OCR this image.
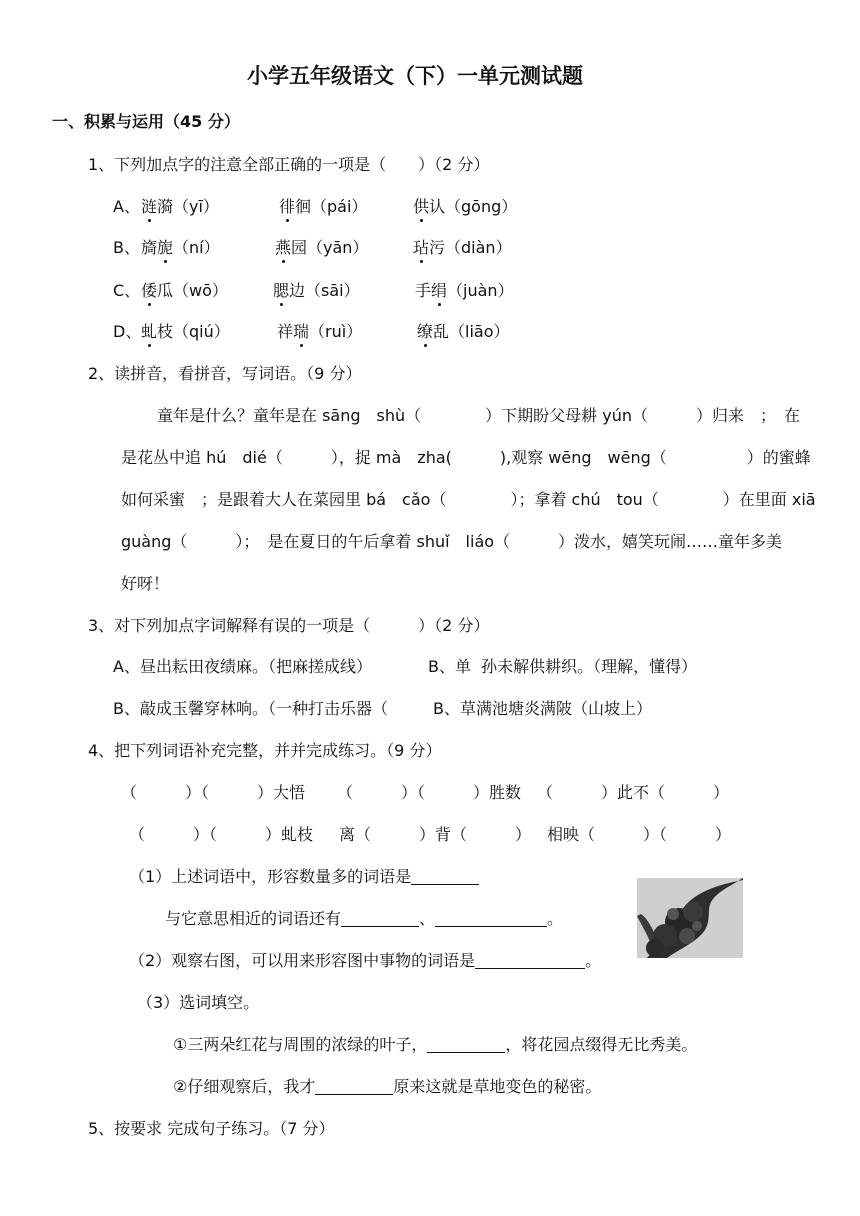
小学五年级语文（下）一单元测试题
一、积累与运用（45 分）
1、下列加点字的注意全部正确的一项是（　　）（2 分）
A、 涟漪（yī）	徘徊（pái）	供认（gōng）
B、 旖旎（ní）	燕园（yān）	玷污（diàn）
C、 倭瓜（wō）	腮边（sāi）	手绢（juàn）
D、 虬枝（qiú）	祥瑞（ruì）	缭乱（liāo）
2、读拼音，看拼音，写词语。（9 分）
童年是什么？童年是在 sāng　shù（　　　　）下期盼父母耕 yún（　　　）归来　；　在
是花丛中追 hú　dié（　　　），捉 mà　zha(　　　),观察 wēng　wēng（　　　　　）的蜜蜂
如何采蜜　；是跟着大人在菜园里 bá　cǎo（　　　　）；拿着 chú　tou（　　　　）在里面 xiā
guàng（　　　）；　是在夏日的午后拿着 shuǐ　liáo（　　　）泼水，嬉笑玩闹……童年多美
好呀！
3、对下列加点字词解释有误的一项是（　　　）（2 分）
A、昼出耘田夜绩麻。（把麻搓成线）	B、单 孙未解供耕织。（理解，懂得）
B、敲成玉馨穿林响。（一种打击乐器（	B、草满池塘炎满陂（山坡上）
4、把下列词语补充完整，并并完成练习。（9 分）
（　　　）（　　　）大悟 （　　　）（　　　）胜数 （　　　）此不（　　　）
（　　　）（　　　）虬枝 离（　　　）背（　　　） 相映（　　　）（　　　）
（1）上述词语中，形容数量多的词语是
与它意思相近的词语还有	、	。
（2）观察右图，可以用来形容图中事物的词语是	。
（3）选词填空。
①三两朵红花与周围的浓绿的叶子，	，将花园点缀得无比秀美。
②仔细观察后，我才	原来这就是草地变色的秘密。
5、按要求 完成句子练习。（7 分）
